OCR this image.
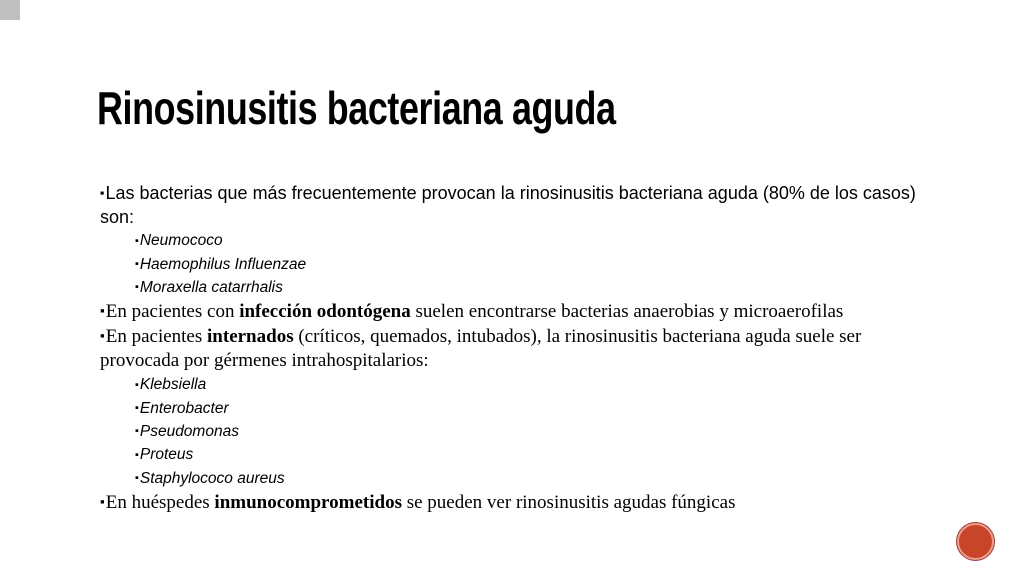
Rinosinusitis bacteriana aguda

▪Las bacterias que más frecuentemente provocan la rinosinusitis bacteriana aguda (80% de los casos) son:

▪Neumococo

▪Haemophilus Influenzae

▪Moraxella catarrhalis

▪En pacientes con infección odontógena suelen encontrarse bacterias anaerobias y microaerofilas

▪En pacientes internados (críticos, quemados, intubados), la rinosinusitis bacteriana aguda suele ser provocada por gérmenes intrahospitalarios:

▪Klebsiella

▪Enterobacter

▪Pseudomonas

▪Proteus

▪Staphylococo aureus

▪En huéspedes inmunocomprometidos se pueden ver rinosinusitis agudas fúngicas
